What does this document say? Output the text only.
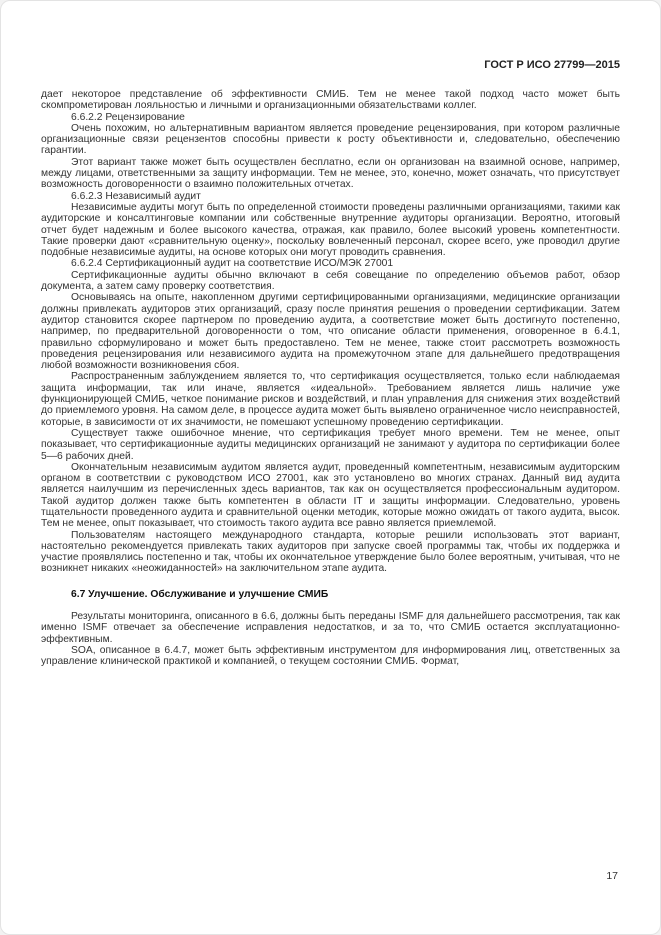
ГОСТ Р ИСО 27799—2015

дает некоторое представление об эффективности СМИБ. Тем не менее такой подход часто может быть скомпрометирован лояльностью и личными и организационными обязательствами коллег.

6.6.2.2 Рецензирование

Очень похожим, но альтернативным вариантом является проведение рецензирования, при котором различные организационные связи рецензентов способны привести к росту объективности и, следовательно, обеспечению гарантии.

Этот вариант также может быть осуществлен бесплатно, если он организован на взаимной основе, например, между лицами, ответственными за защиту информации. Тем не менее, это, конечно, может означать, что присутствует возможность договоренности о взаимно положительных отчетах.

6.6.2.3 Независимый аудит

Независимые аудиты могут быть по определенной стоимости проведены различными организациями, такими как аудиторские и консалтинговые компании или собственные внутренние аудиторы организации. Вероятно, итоговый отчет будет надежным и более высокого качества, отражая, как правило, более высокий уровень компетентности. Такие проверки дают «сравнительную оценку», поскольку вовлеченный персонал, скорее всего, уже проводил другие подобные независимые аудиты, на основе которых они могут проводить сравнения.

6.6.2.4 Сертификационный аудит на соответствие ИСО/МЭК 27001

Сертификационные аудиты обычно включают в себя совещание по определению объемов работ, обзор документа, а затем саму проверку соответствия.

Основываясь на опыте, накопленном другими сертифицированными организациями, медицинские организации должны привлекать аудиторов этих организаций, сразу после принятия решения о проведении сертификации. Затем аудитор становится скорее партнером по проведению аудита, а соответствие может быть достигнуто постепенно, например, по предварительной договоренности о том, что описание области применения, оговоренное в 6.4.1, правильно сформулировано и может быть предоставлено. Тем не менее, также стоит рассмотреть возможность проведения рецензирования или независимого аудита на промежуточном этапе для дальнейшего предотвращения любой возможности возникновения сбоя.

Распространенным заблуждением является то, что сертификация осуществляется, только если наблюдаемая защита информации, так или иначе, является «идеальной». Требованием является лишь наличие уже функционирующей СМИБ, четкое понимание рисков и воздействий, и план управления для снижения этих воздействий до приемлемого уровня. На самом деле, в процессе аудита может быть выявлено ограниченное число неисправностей, которые, в зависимости от их значимости, не помешают успешному проведению сертификации.

Существует также ошибочное мнение, что сертификация требует много времени. Тем не менее, опыт показывает, что сертификационные аудиты медицинских организаций не занимают у аудитора по сертификации более 5—6 рабочих дней.

Окончательным независимым аудитом является аудит, проведенный компетентным, независимым аудиторским органом в соответствии с руководством ИСО 27001, как это установлено во многих странах. Данный вид аудита является наилучшим из перечисленных здесь вариантов, так как он осуществляется профессиональным аудитором. Такой аудитор должен также быть компетентен в области IT и защиты информации. Следовательно, уровень тщательности проведенного аудита и сравнительной оценки методик, которые можно ожидать от такого аудита, высок. Тем не менее, опыт показывает, что стоимость такого аудита все равно является приемлемой.

Пользователям настоящего международного стандарта, которые решили использовать этот вариант, настоятельно рекомендуется привлекать таких аудиторов при запуске своей программы так, чтобы их поддержка и участие проявлялись постепенно и так, чтобы их окончательное утверждение было более вероятным, учитывая, что не возникнет никаких «неожиданностей» на заключительном этапе аудита.

6.7 Улучшение. Обслуживание и улучшение СМИБ

Результаты мониторинга, описанного в 6.6, должны быть переданы ISMF для дальнейшего рассмотрения, так как именно ISMF отвечает за обеспечение исправления недостатков, и за то, что СМИБ остается эксплуатационно-эффективным.

SOA, описанное в 6.4.7, может быть эффективным инструментом для информирования лиц, ответственных за управление клинической практикой и компанией, о текущем состоянии СМИБ. Формат,

17
